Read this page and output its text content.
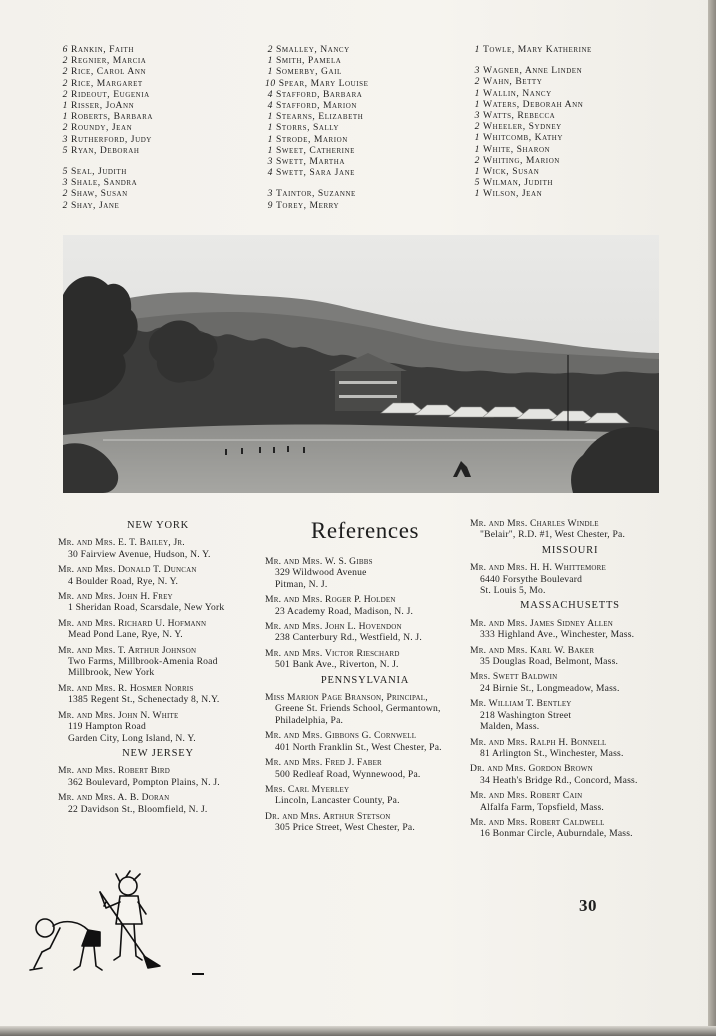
6 Rankin, Faith
2 Regnier, Marcia
2 Rice, Carol Ann
2 Rice, Margaret
2 Rideout, Eugenia
1 Risser, JoAnn
1 Roberts, Barbara
2 Roundy, Jean
3 Rutherford, Judy
5 Ryan, Deborah
5 Seal, Judith
3 Shale, Sandra
2 Shaw, Susan
2 Shay, Jane
2 Smalley, Nancy
1 Smith, Pamela
1 Somerby, Gail
10 Spear, Mary Louise
4 Stafford, Barbara
4 Stafford, Marion
1 Stearns, Elizabeth
1 Storrs, Sally
1 Strode, Marion
1 Sweet, Catherine
3 Swett, Martha
4 Swett, Sara Jane
3 Taintor, Suzanne
9 Torey, Merry
1 Towle, Mary Katherine
3 Wagner, Anne Linden
2 Wahn, Betty
1 Wallin, Nancy
1 Waters, Deborah Ann
3 Watts, Rebecca
2 Wheeler, Sydney
1 Whitcomb, Kathy
1 White, Sharon
2 Whiting, Marion
1 Wick, Susan
5 Wilman, Judith
1 Wilson, Jean
NEW YORK
Mr. and Mrs. E. T. Bailey, Jr.
30 Fairview Avenue, Hudson, N. Y.
Mr. and Mrs. Donald T. Duncan
4 Boulder Road, Rye, N. Y.
Mr. and Mrs. John H. Frey
1 Sheridan Road, Scarsdale, New York
Mr. and Mrs. Richard U. Hofmann
Mead Pond Lane, Rye, N. Y.
Mr. and Mrs. T. Arthur Johnson
Two Farms, Millbrook-Amenia Road
Millbrook, New York
Mr. and Mrs. R. Hosmer Norris
1385 Regent St., Schenectady 8, N.Y.
Mr. and Mrs. John N. White
119 Hampton Road
Garden City, Long Island, N. Y.
NEW JERSEY
Mr. and Mrs. Robert Bird
362 Boulevard, Pompton Plains, N. J.
Mr. and Mrs. A. B. Doran
22 Davidson St., Bloomfield, N. J.
References
Mr. and Mrs. W. S. Gibbs
329 Wildwood Avenue
Pitman, N. J.
Mr. and Mrs. Roger P. Holden
23 Academy Road, Madison, N. J.
Mr. and Mrs. John L. Hovendon
238 Canterbury Rd., Westfield, N. J.
Mr. and Mrs. Victor Rieschard
501 Bank Ave., Riverton, N. J.
PENNSYLVANIA
Miss Marion Page Branson, Principal,
Greene St. Friends School, Germantown, Philadelphia, Pa.
Mr. and Mrs. Gibbons G. Cornwell
401 North Franklin St., West Chester, Pa.
Mr. and Mrs. Fred J. Faber
500 Redleaf Road, Wynnewood, Pa.
Mrs. Carl Myerley
Lincoln, Lancaster County, Pa.
Dr. and Mrs. Arthur Stetson
305 Price Street, West Chester, Pa.
Mr. and Mrs. Charles Windle
"Belair", R.D. #1, West Chester, Pa.
MISSOURI
Mr. and Mrs. H. H. Whittemore
6440 Forsythe Boulevard
St. Louis 5, Mo.
MASSACHUSETTS
Mr. and Mrs. James Sidney Allen
333 Highland Ave., Winchester, Mass.
Mr. and Mrs. Karl W. Baker
35 Douglas Road, Belmont, Mass.
Mrs. Swett Baldwin
24 Birnie St., Longmeadow, Mass.
Mr. William T. Bentley
218 Washington Street
Malden, Mass.
Mr. and Mrs. Ralph H. Bonnell
81 Arlington St., Winchester, Mass.
Dr. and Mrs. Gordon Brown
34 Heath's Bridge Rd., Concord, Mass.
Mr. and Mrs. Robert Cain
Alfalfa Farm, Topsfield, Mass.
Mr. and Mrs. Robert Caldwell
16 Bonmar Circle, Auburndale, Mass.
30
